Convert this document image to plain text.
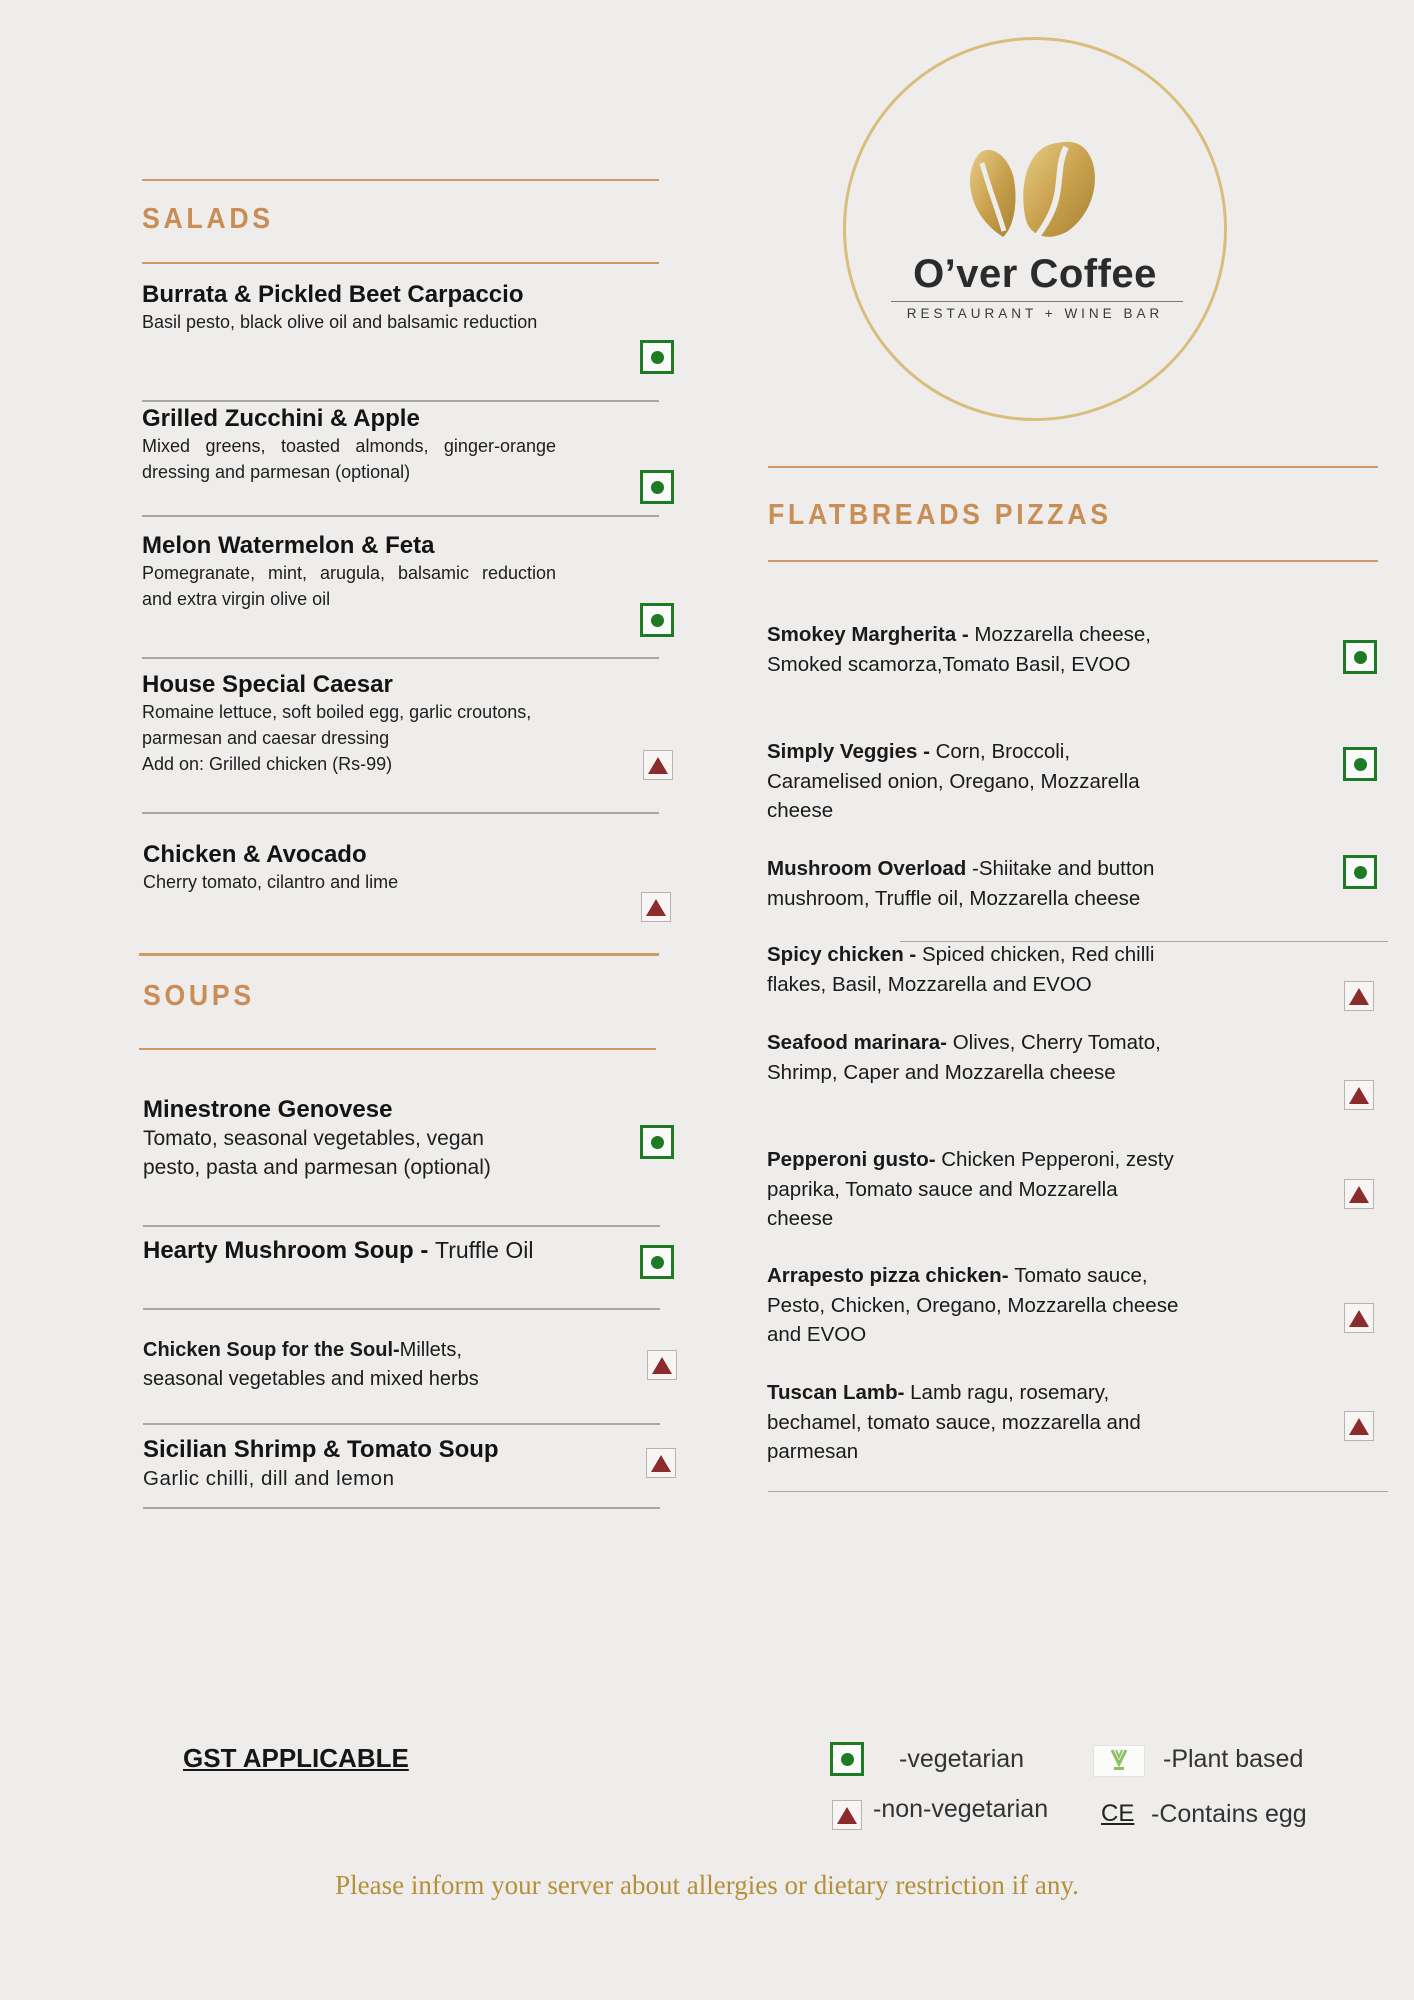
O’ver Coffee
RESTAURANT + WINE BAR
SALADS
Burrata & Pickled Beet Carpaccio
Basil pesto, black olive oil and balsamic reduction
Grilled Zucchini & Apple
Mixed greens, toasted almonds, ginger-orange dressing and parmesan (optional)
Melon Watermelon & Feta
Pomegranate, mint, arugula, balsamic reduction and extra virgin olive oil
House Special Caesar
Romaine lettuce, soft boiled egg, garlic croutons, parmesan and caesar dressing
Add on: Grilled chicken (Rs-99)
Chicken & Avocado
Cherry tomato, cilantro and lime
SOUPS
Minestrone Genovese
Tomato, seasonal vegetables, vegan pesto, pasta and parmesan (optional)
Hearty Mushroom Soup - Truffle Oil
Chicken Soup for the Soul-Millets, seasonal vegetables and mixed herbs
Sicilian Shrimp & Tomato Soup
Garlic chilli, dill and lemon
FLATBREADS PIZZAS
Smokey Margherita - Mozzarella cheese, Smoked scamorza,Tomato Basil, EVOO
Simply Veggies - Corn, Broccoli, Caramelised onion, Oregano, Mozzarella cheese
Mushroom Overload -Shiitake and button mushroom, Truffle oil, Mozzarella cheese
Spicy chicken - Spiced chicken, Red chilli flakes, Basil, Mozzarella and EVOO
Seafood marinara- Olives, Cherry Tomato, Shrimp, Caper and Mozzarella cheese
Pepperoni gusto- Chicken Pepperoni, zesty paprika, Tomato sauce and Mozzarella cheese
Arrapesto pizza chicken- Tomato sauce, Pesto, Chicken, Oregano, Mozzarella cheese and EVOO
Tuscan Lamb- Lamb ragu, rosemary, bechamel, tomato sauce, mozzarella and parmesan
GST APPLICABLE	-vegetarian	-Plant based
-non-vegetarian CE -Contains egg
Please inform your server about allergies or dietary restriction if any.
